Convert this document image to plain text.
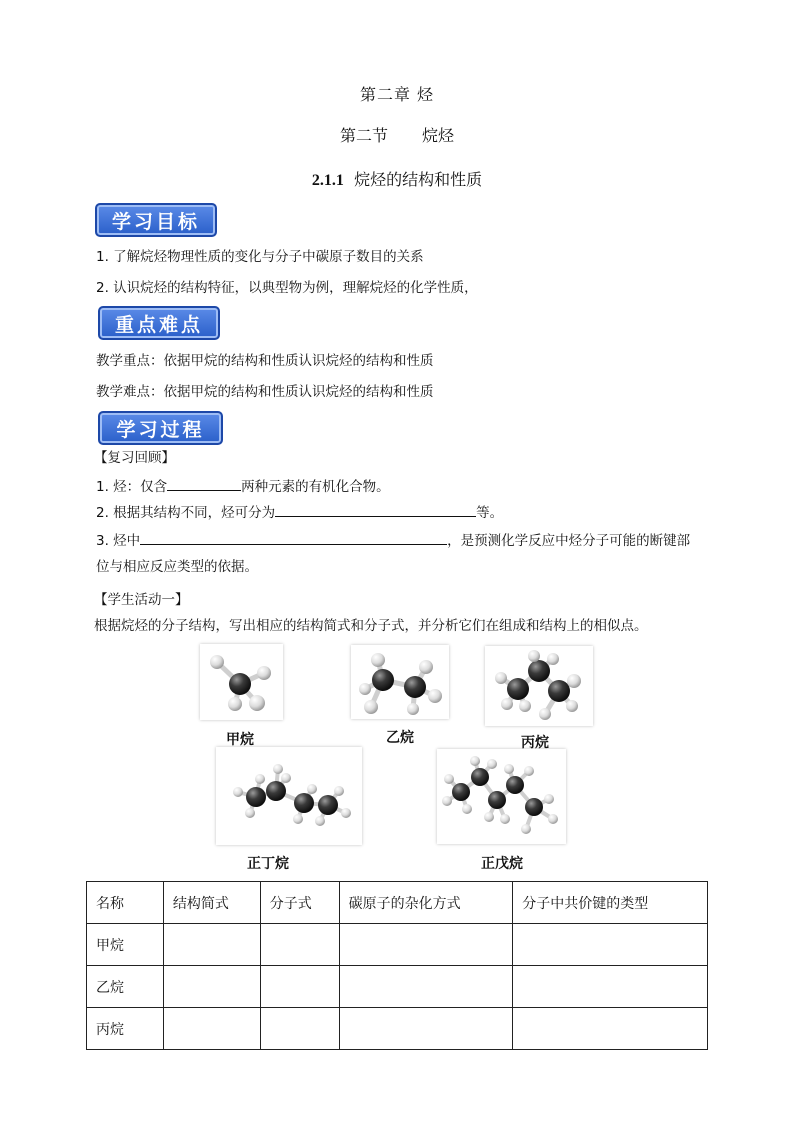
第二章 烃
第二节 烷烃
2.1.1 烷烃的结构和性质
学习目标
1. 了解烷烃物理性质的变化与分子中碳原子数目的关系
2. 认识烷烃的结构特征，以典型物为例，理解烷烃的化学性质，
重点难点
教学重点：依据甲烷的结构和性质认识烷烃的结构和性质
教学难点：依据甲烷的结构和性质认识烷烃的结构和性质
学习过程
【复习回顾】
1. 烃：仅含	两种元素的有机化合物。
2. 根据其结构不同，烃可分为	等。
3. 烃中	，是预测化学反应中烃分子可能的断键部
位与相应反应类型的依据。
【学生活动一】
根据烷烃的分子结构，写出相应的结构简式和分子式，并分析它们在组成和结构上的相似点。
甲烷	乙烷	丙烷
正丁烷	正戊烷
名称	结构简式	分子式	碳原子的杂化方式	分子中共价键的类型
甲烷				
乙烷				
丙烷				
